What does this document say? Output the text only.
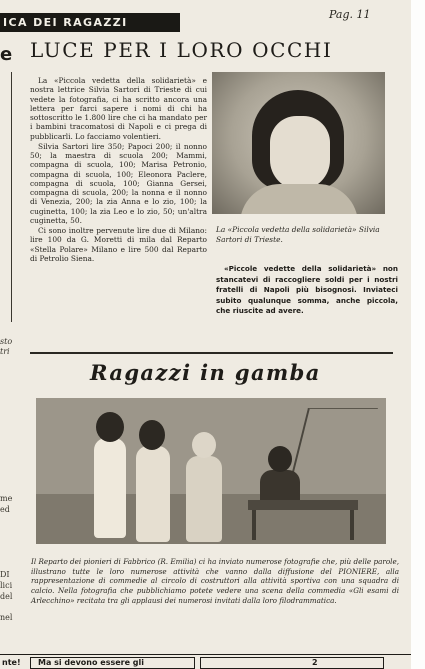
ICA DEI RAGAZZI
Pag. 11
e LUCE PER I LORO OCCHI
sto
tri
me
ed
DI
lici
del
nel

La «Piccola vedetta della solidarietà» e nostra lettrice Silvia Sartori di Trieste di cui vedete la fotografia, ci ha scritto ancora una lettera per farci sapere i nomi di chi ha sottoscritto le 1.800 lire che ci ha mandato per i bambini tracomatosi di Napoli e ci prega di pubblicarli. Lo facciamo volentieri.

Silvia Sartori lire 350; Papoci 200; il nonno 50; la maestra di scuola 200; Mammi, compagna di scuola, 100; Marisa Petronio, compagna di scuola, 100; Eleonora Paclere, compagna di scuola, 100; Gianna Gersei, compagna di scuola, 200; la nonna e il nonno di Venezia, 200; la zia Anna e lo zio, 100; la cuginetta, 100; la zia Leo e lo zio, 50; un'altra cuginetta, 50.

Ci sono inoltre pervenute lire due di Milano: lire 100 da G. Moretti di mila dal Reparto «Stella Polare» Milano e lire 500 dal Reparto di Petrolio Siena.

La «Piccola vedetta della solidarietà» Silvia Sartori di Trieste.
«Piccole vedette della solidarietà» non stancatevi di raccogliere soldi per i nostri fratelli di Napoli più bisognosi. Inviateci subito qualunque somma, anche piccola, che riuscite ad avere.
Ragazzi in gamba
Il Reparto dei pionieri di Fabbrico (R. Emilia) ci ha inviato numerose fotografie che, più delle parole, illustrano tutte le loro numerose attività che vanno dalla diffusione del PIONIERE, alla rappresentazione di commedie al circolo di costruttori alla attività sportiva con una squadra di calcio. Nella fotografia che pubblichiamo potete vedere una scena della commedia «Gli esami di Arlecchino» recitata tra gli applausi dei numerosi invitati dalla loro filodrammatica.
nte! Ma si devono essere gli	2
